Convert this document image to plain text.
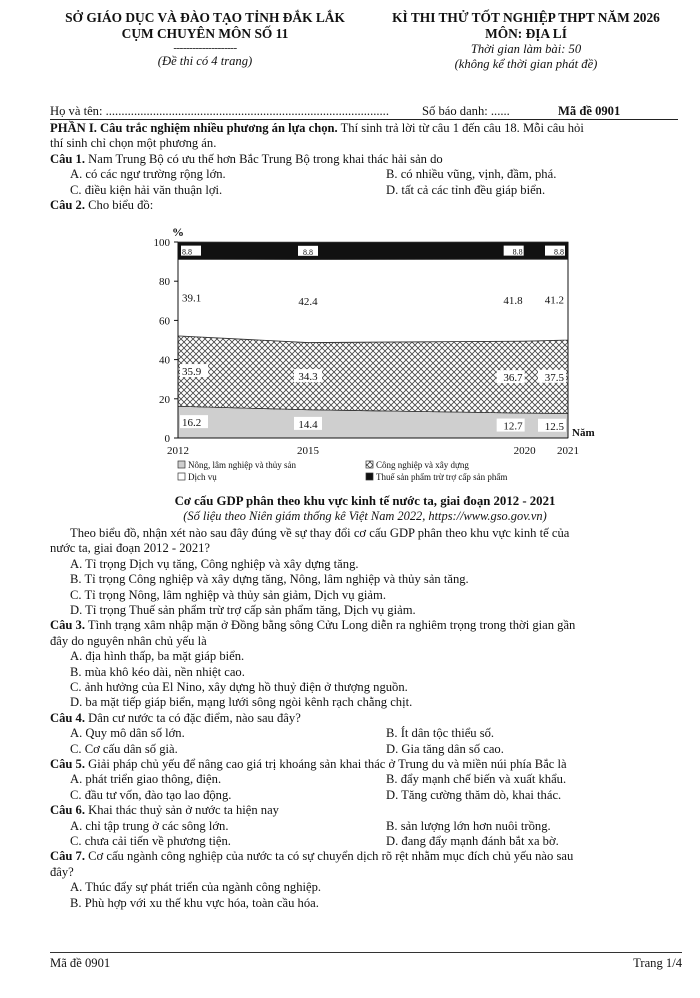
SỞ GIÁO DỤC VÀ ĐÀO TẠO TỈNH ĐẮK LẮK
CỤM CHUYÊN MÔN SỐ 11
--------------------
(Đề thi có 4 trang)
KÌ THI THỬ TỐT NGHIỆP THPT NĂM 2026
MÔN: ĐỊA LÍ
Thời gian làm bài: 50
(không kể thời gian phát đề)
Họ và tên: ..........................................................................................	Số báo danh: ......	Mã đề 0901
PHẦN I. Câu trắc nghiệm nhiều phương án lựa chọn. Thí sinh trả lời từ câu 1 đến câu 18. Mỗi câu hỏi
thí sinh chỉ chọn một phương án.
Câu 1. Nam Trung Bộ có ưu thế hơn Bắc Trung Bộ trong khai thác hải sản do
A. có các ngư trường rộng lớn.	B. có nhiều vũng, vịnh, đầm, phá.
C. điều kiện hải văn thuận lợi.	D. tất cả các tỉnh đều giáp biển.
Câu 2. Cho biểu đồ:
16.2	14.4	12.7 12.5
35.9	34.3	36.7 37.5
39.1	42.4	41.8 41.2
8.8	8.8	8.8	8.8
0
20
40
60
80
100
2012	2015	2020 2021
%
Năm
Nông, lâm nghiệp và thủy sản	Công nghiệp và xây dựng
Dịch vụ	Thuế sản phẩm trừ trợ cấp sản phẩm
Cơ cấu GDP phân theo khu vực kinh tế nước ta, giai đoạn 2012 - 2021
(Số liệu theo Niên giám thống kê Việt Nam 2022, https://www.gso.gov.vn)
Theo biểu đồ, nhận xét nào sau đây đúng về sự thay đổi cơ cấu GDP phân theo khu vực kinh tế của
nước ta, giai đoạn 2012 - 2021?
A. Tỉ trọng Dịch vụ tăng, Công nghiệp và xây dựng tăng.
B. Tỉ trọng Công nghiệp và xây dựng tăng, Nông, lâm nghiệp và thủy sản tăng.
C. Tỉ trọng Nông, lâm nghiệp và thủy sản giảm, Dịch vụ giảm.
D. Tỉ trọng Thuế sản phẩm trừ trợ cấp sản phẩm tăng, Dịch vụ giảm.
Câu 3. Tình trạng xâm nhập mặn ở Đồng bằng sông Cửu Long diễn ra nghiêm trọng trong thời gian gần
đây do nguyên nhân chủ yếu là
A. địa hình thấp, ba mặt giáp biển.
B. mùa khô kéo dài, nền nhiệt cao.
C. ảnh hưởng của El Nino, xây dựng hồ thuỷ điện ở thượng nguồn.
D. ba mặt tiếp giáp biển, mạng lưới sông ngòi kênh rạch chằng chịt.
Câu 4. Dân cư nước ta có đặc điểm, nào sau đây?
A. Quy mô dân số lớn.	B. Ít dân tộc thiểu số.
C. Cơ cấu dân số già.	D. Gia tăng dân số cao.
Câu 5. Giải pháp chủ yếu để nâng cao giá trị khoáng sản khai thác ở Trung du và miền núi phía Bắc là
A. phát triển giao thông, điện.	B. đẩy mạnh chế biến và xuất khẩu.
C. đầu tư vốn, đào tạo lao động.	D. Tăng cường thăm dò, khai thác.
Câu 6. Khai thác thuỷ sản ở nước ta hiện nay
A. chỉ tập trung ở các sông lớn.	B. sản lượng lớn hơn nuôi trồng.
C. chưa cải tiến về phương tiện.	D. đang đẩy mạnh đánh bắt xa bờ.
Câu 7. Cơ cấu ngành công nghiệp của nước ta có sự chuyển dịch rõ rệt nhằm mục đích chủ yếu nào sau
đây?
A. Thúc đẩy sự phát triển của ngành công nghiệp.
B. Phù hợp với xu thế khu vực hóa, toàn cầu hóa.
Mã đề 0901	Trang 1/4
